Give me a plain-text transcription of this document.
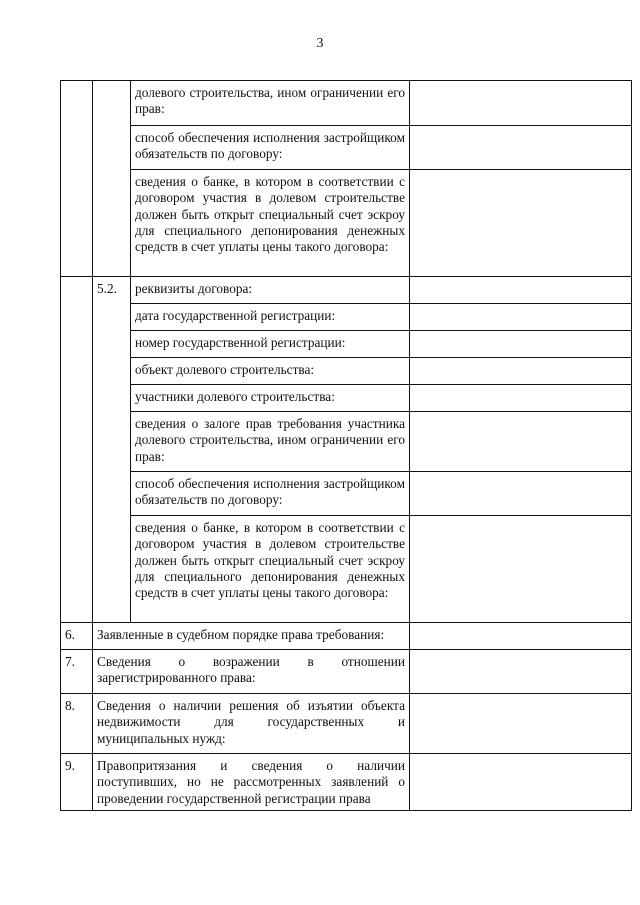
3
		долевого строительства, ином ограничении его прав:	
		способ обеспечения исполнения застройщиком обязательств по договору:	
		сведения о банке, в котором в соответствии с договором участия в долевом строительстве должен быть открыт специальный счет эскроу для специального депонирования денежных средств в счет уплаты цены такого договора:	
	5.2.	реквизиты договора:	
		дата государственной регистрации:	
		номер государственной регистрации:	
		объект долевого строительства:	
		участники долевого строительства:	
		сведения о залоге прав требования участника долевого строительства, ином ограничении его прав:	
		способ обеспечения исполнения застройщиком обязательств по договору:	
		сведения о банке, в котором в соответствии с договором участия в долевом строительстве должен быть открыт специальный счет эскроу для специального депонирования денежных средств в счет уплаты цены такого договора:	
6.	Заявленные в судебном порядке права требования:		
7.	Сведения о возражении в отношении зарегистрированного права:		
8.	Сведения о наличии решения об изъятии объекта недвижимости для государственных и муниципальных нужд:		
9.	Правопритязания и сведения о наличии поступивших, но не рассмотренных заявлений о проведении государственной регистрации права		
